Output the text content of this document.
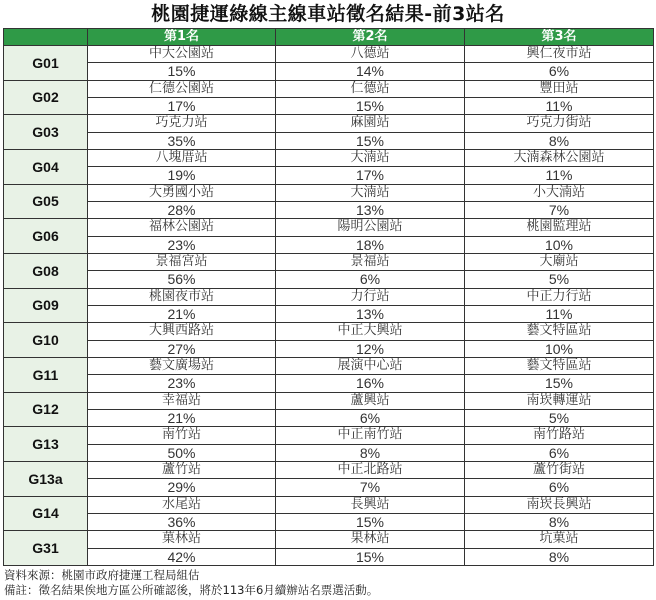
桃園捷運綠線主線車站徵名結果-前3站名
	第1名	第2名	第3名
G01	中大公園站	八德站	興仁夜市站
	15%	14%	6%
G02	仁德公園站	仁德站	豐田站
	17%	15%	11%
G03	巧克力站	麻園站	巧克力街站
	35%	15%	8%
G04	八塊厝站	大湳站	大湳森林公園站
	19%	17%	11%
G05	大勇國小站	大湳站	小大湳站
	28%	13%	7%
G06	福林公園站	陽明公園站	桃園監理站
	23%	18%	10%
G08	景福宮站	景福站	大廟站
	56%	6%	5%
G09	桃園夜市站	力行站	中正力行站
	21%	13%	11%
G10	大興西路站	中正大興站	藝文特區站
	27%	12%	10%
G11	藝文廣場站	展演中心站	藝文特區站
	23%	16%	15%
G12	幸福站	蘆興站	南崁轉運站
	21%	6%	5%
G13	南竹站	中正南竹站	南竹路站
	50%	8%	6%
G13a	蘆竹站	中正北路站	蘆竹街站
	29%	7%	6%
G14	水尾站	長興站	南崁長興站
	36%	15%	8%
G31	菓林站	果林站	坑菓站
	42%	15%	8%
資料來源：桃園市政府捷運工程局組估
備註：徵名結果俟地方區公所確認後，將於113年6月續辦站名票選活動。
